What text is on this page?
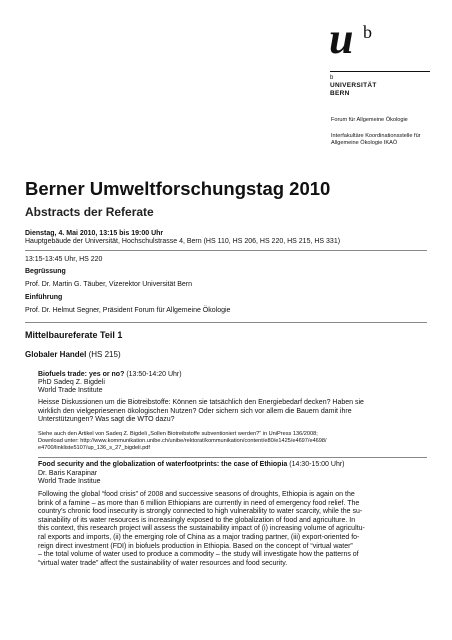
u b
b
UNIVERSITÄT
BERN
Forum für Allgemeine Ökologie
Interfakultäre Koordinationsstelle für
Allgemeine Ökologie IKAÖ
Berner Umweltforschungstag 2010
Abstracts der Referate
Dienstag, 4. Mai 2010, 13:15 bis 19:00 Uhr
Hauptgebäude der Universität, Hochschulstrasse 4, Bern (HS 110, HS 206, HS 220, HS 215, HS 331)
13:15-13:45 Uhr, HS 220
Begrüssung
Prof. Dr. Martin G. Täuber, Vizerektor Universität Bern
Einführung
Prof. Dr. Helmut Segner, Präsident Forum für Allgemeine Ökologie
Mittelbaureferate Teil 1
Globaler Handel (HS 215)
Biofuels trade: yes or no? (13:50-14:20 Uhr)
PhD Sadeq Z. Bigdeli
World Trade Institute
Heisse Diskussionen um die Biotreibstoffe: Können sie tatsächlich den Energiebedarf decken? Haben sie
wirklich den vielgepriesenen ökologischen Nutzen? Oder sichern sich vor allem die Bauern damit ihre
Unterstützungen? Was sagt die WTO dazu?
Siehe auch den Artikel von Sadeq Z. Bigdeli „Sollen Biotreibstoffe subventioniert werden?“ in UniPress 136/2008;
Download unter: http://www.kommunikation.unibe.ch/unibe/rektorat/kommunikation/content/e80/e1425/e4697/e4698/
e4700/linkliste5107/up_136_s_27_bigdeli.pdf
Food security and the globalization of waterfootprints: the case of Ethiopia (14:30-15:00 Uhr)
Dr. Baris Karapinar
World Trade Institue
Following the global “food crisis” of 2008 and successive seasons of droughts, Ethiopia is again on the
brink of a famine – as more than 6 million Ethiopians are currently in need of emergency food relief. The
country’s chronic food insecurity is strongly connected to high vulnerability to water scarcity, while the su-
stainability of its water resources is increasingly exposed to the globalization of food and agriculture. In
this context, this research project will assess the sustainability impact of (i) increasing volume of agricultu-
ral exports and imports, (ii) the emerging role of China as a major trading partner, (iii) export-oriented fo-
reign direct investment (FDI) in biofuels production in Ethiopia. Based on the concept of “virtual water”
– the total volume of water used to produce a commodity – the study will investigate how the patterns of
“virtual water trade” affect the sustainability of water resources and food security.
